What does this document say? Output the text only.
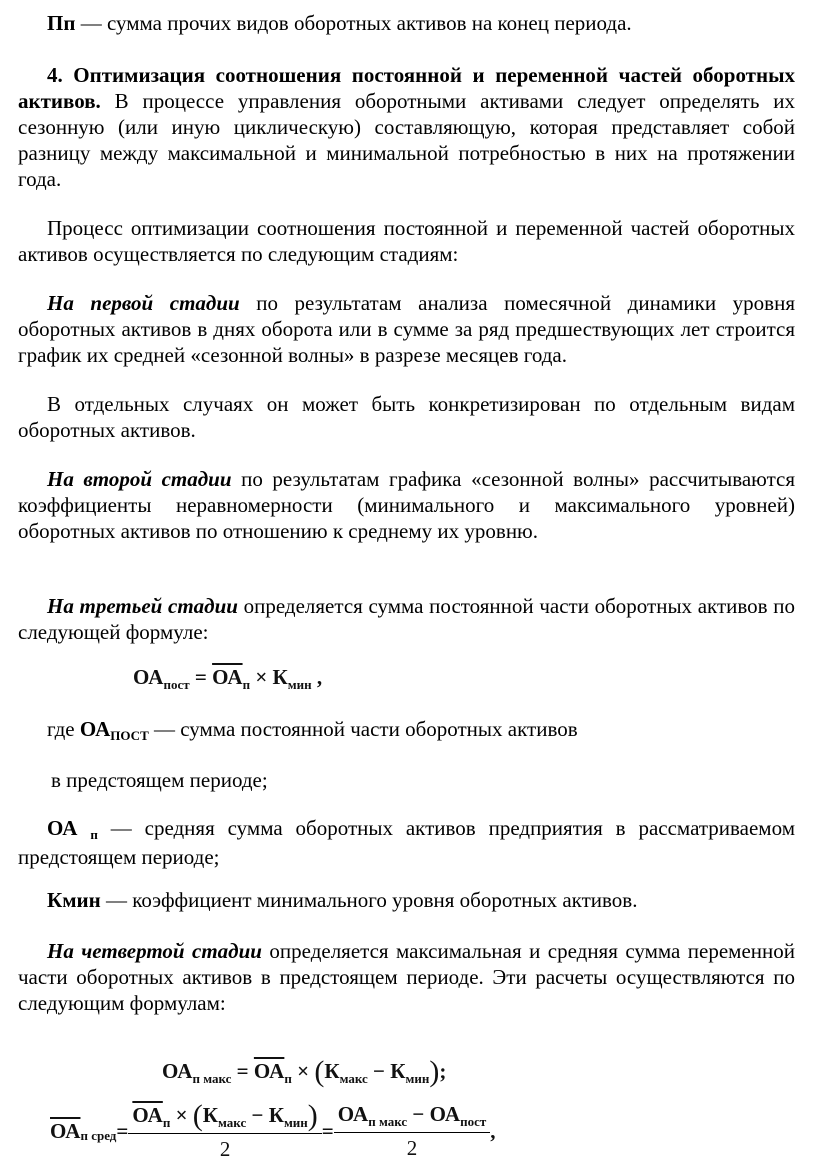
Пп — сумма прочих видов оборотных активов на конец периода.

4. Оптимизация соотношения постоянной и переменной частей оборотных активов. В процессе управления оборотными активами следует определять их сезонную (или иную циклическую) составляющую, которая представляет собой разницу между максимальной и минимальной потребностью в них на протяжении года.

Процесс оптимизации соотношения постоянной и переменной частей оборотных активов осуществляется по следующим стадиям:

На первой стадии по результатам анализа помесячной динамики уровня оборотных активов в днях оборота или в сумме за ряд предшествующих лет строится график их средней «сезонной волны» в разрезе месяцев года.

В отдельных случаях он может быть конкретизирован по отдельным видам оборотных активов.

На второй стадии по результатам графика «сезонной волны» рассчитываются коэффициенты неравномерности (минимального и максимального уровней) оборотных активов по отношению к среднему их уровню.

На третьей стадии определяется сумма постоянной части оборотных активов по следующей формуле:

$ОА_{пост} = ОА_п \times К_{мин}$ ,

где ОАПОСТ — сумма постоянной части оборотных активов

в предстоящем периоде;

ОА п — средняя сумма оборотных активов предприятия в рассматриваемом предстоящем периоде;

Кмин — коэффициент минимального уровня оборотных активов.

На четвертой стадии определяется максимальная и средняя сумма переменной части оборотных активов в предстоящем периоде. Эти расчеты осуществляются по следующим формулам:

$ОА_{п макс} = ОА_п \times (К_{макс} - К_{мин})$;
ОА п сред = $\frac{ОА_п \times (К_{макс} - К_{мин})}{2} = \frac{ОА_{п макс} - ОА_{пост}}{2}$ ,
